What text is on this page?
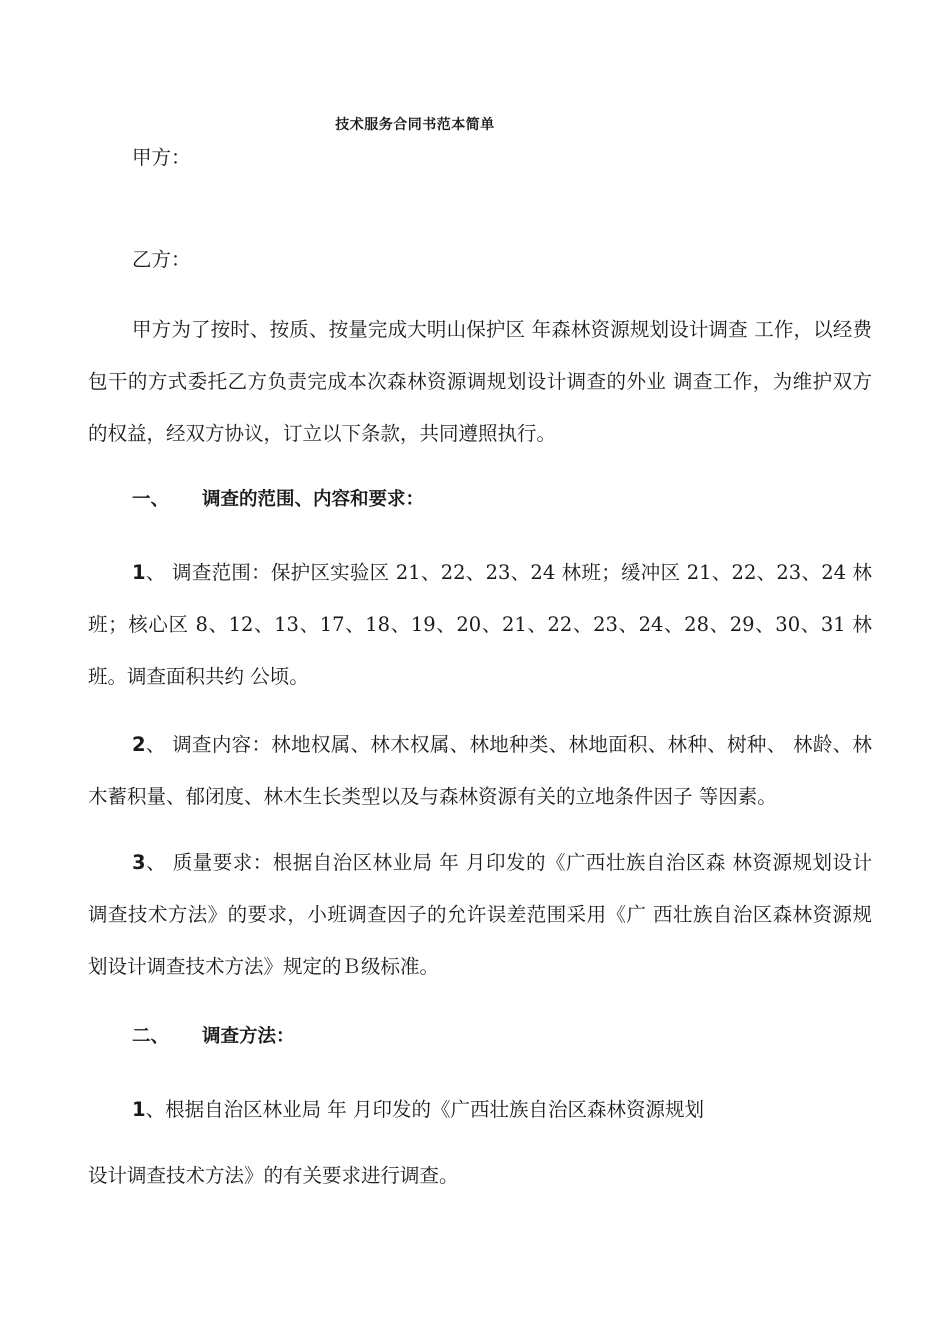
技术服务合同书范本简单
甲方：
乙方：
甲方为了按时、按质、按量完成大明山保护区 年森林资源规划设计调查 工作，以经费包干的方式委托乙方负责完成本次森林资源调规划设计调查的外业 调查工作，为维护双方的权益，经双方协议，订立以下条款，共同遵照执行。
一、 调查的范围、内容和要求：
1、 调查范围：保护区实验区 21、22、23、24 林班；缓冲区 21、22、23、24 林班；核心区 8、12、13、17、18、19、20、21、22、23、24、28、29、30、31 林班。调查面积共约 公顷。
2、 调查内容：林地权属、林木权属、林地种类、林地面积、林种、树种、 林龄、林木蓄积量、郁闭度、林木生长类型以及与森林资源有关的立地条件因子 等因素。
3、 质量要求：根据自治区林业局 年 月印发的《广西壮族自治区森 林资源规划设计调查技术方法》的要求，小班调查因子的允许误差范围采用《广 西壮族自治区森林资源规划设计调查技术方法》规定的Ｂ级标准。
二、 调查方法：
1、根据自治区林业局 年 月印发的《广西壮族自治区森林资源规划
设计调查技术方法》的有关要求进行调查。
